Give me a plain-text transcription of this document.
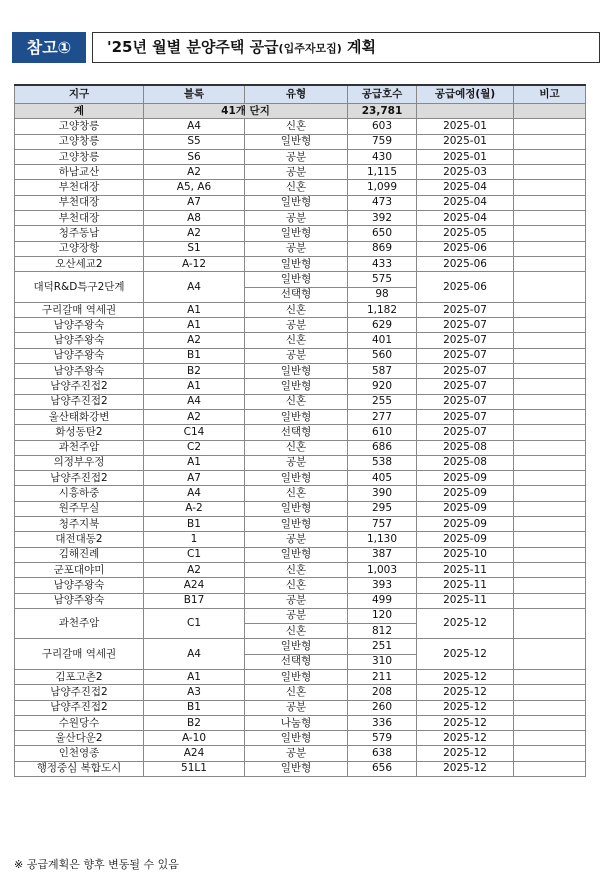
참고①	'25년 월별 분양주택 공급(입주자모집) 계획
지구	블록	유형	공급호수	공급예정(월)	비고
계	41개 단지		23,781		
고양창릉	A4	신혼	603	2025-01	
고양창릉	S5	일반형	759	2025-01	
고양창릉	S6	공분	430	2025-01	
하남교산	A2	공분	1,115	2025-03	
부천대장	A5, A6	신혼	1,099	2025-04	
부천대장	A7	일반형	473	2025-04	
부천대장	A8	공분	392	2025-04	
청주동남	A2	일반형	650	2025-05	
고양장항	S1	공분	869	2025-06	
오산세교2	A-12	일반형	433	2025-06	
대덕R&D특구2단계	A4	일반형	575	2025-06	
		선택형	98		
구리갈매 역세권	A1	신혼	1,182	2025-07	
남양주왕숙	A1	공분	629	2025-07	
남양주왕숙	A2	신혼	401	2025-07	
남양주왕숙	B1	공분	560	2025-07	
남양주왕숙	B2	일반형	587	2025-07	
남양주진접2	A1	일반형	920	2025-07	
남양주진접2	A4	신혼	255	2025-07	
울산태화강변	A2	일반형	277	2025-07	
화성동탄2	C14	선택형	610	2025-07	
과천주암	C2	신혼	686	2025-08	
의정부우정	A1	공분	538	2025-08	
남양주진접2	A7	일반형	405	2025-09	
시흥하중	A4	신혼	390	2025-09	
원주무실	A-2	일반형	295	2025-09	
청주지북	B1	일반형	757	2025-09	
대전대동2	1	공분	1,130	2025-09	
김해진례	C1	일반형	387	2025-10	
군포대야미	A2	신혼	1,003	2025-11	
남양주왕숙	A24	신혼	393	2025-11	
남양주왕숙	B17	공분	499	2025-11	
과천주암	C1	공분	120	2025-12	
		신혼	812		
구리갈매 역세권	A4	일반형	251	2025-12	
		선택형	310		
김포고촌2	A1	일반형	211	2025-12	
남양주진접2	A3	신혼	208	2025-12	
남양주진접2	B1	공분	260	2025-12	
수원당수	B2	나눔형	336	2025-12	
울산다운2	A-10	일반형	579	2025-12	
인천영종	A24	공분	638	2025-12	
행정중심 복합도시	51L1	일반형	656	2025-12	
※ 공급계획은 향후 변동될 수 있음
